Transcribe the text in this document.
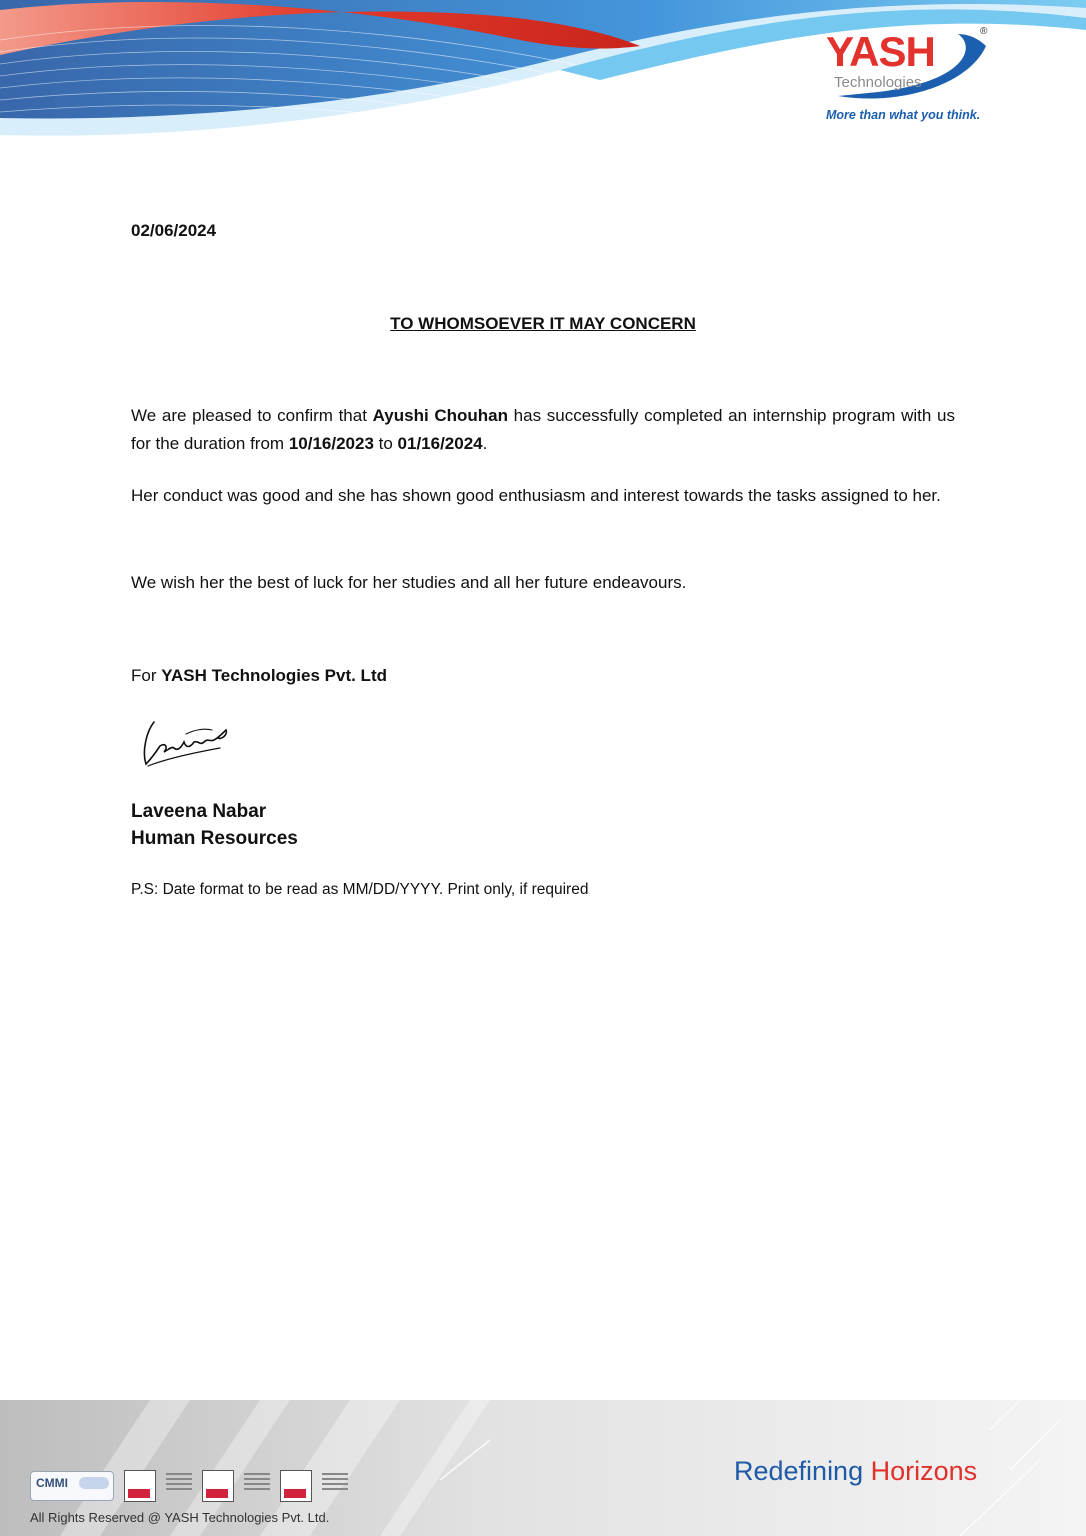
YASH	®
Technologies
More than what you think.
02/06/2024
TO WHOMSOEVER IT MAY CONCERN

We are pleased to confirm that Ayushi Chouhan has successfully completed an internship program with us for the duration from 10/16/2023 to 01/16/2024.

Her conduct was good and she has shown good enthusiasm and interest towards the tasks assigned to her.

We wish her the best of luck for her studies and all her future endeavours.

For YASH Technologies Pvt. Ltd
Laveena Nabar
Human Resources
P.S: Date format to be read as MM/DD/YYYY. Print only, if required
CMMI
All Rights Reserved @ YASH Technologies Pvt. Ltd.
Redefining Horizons
